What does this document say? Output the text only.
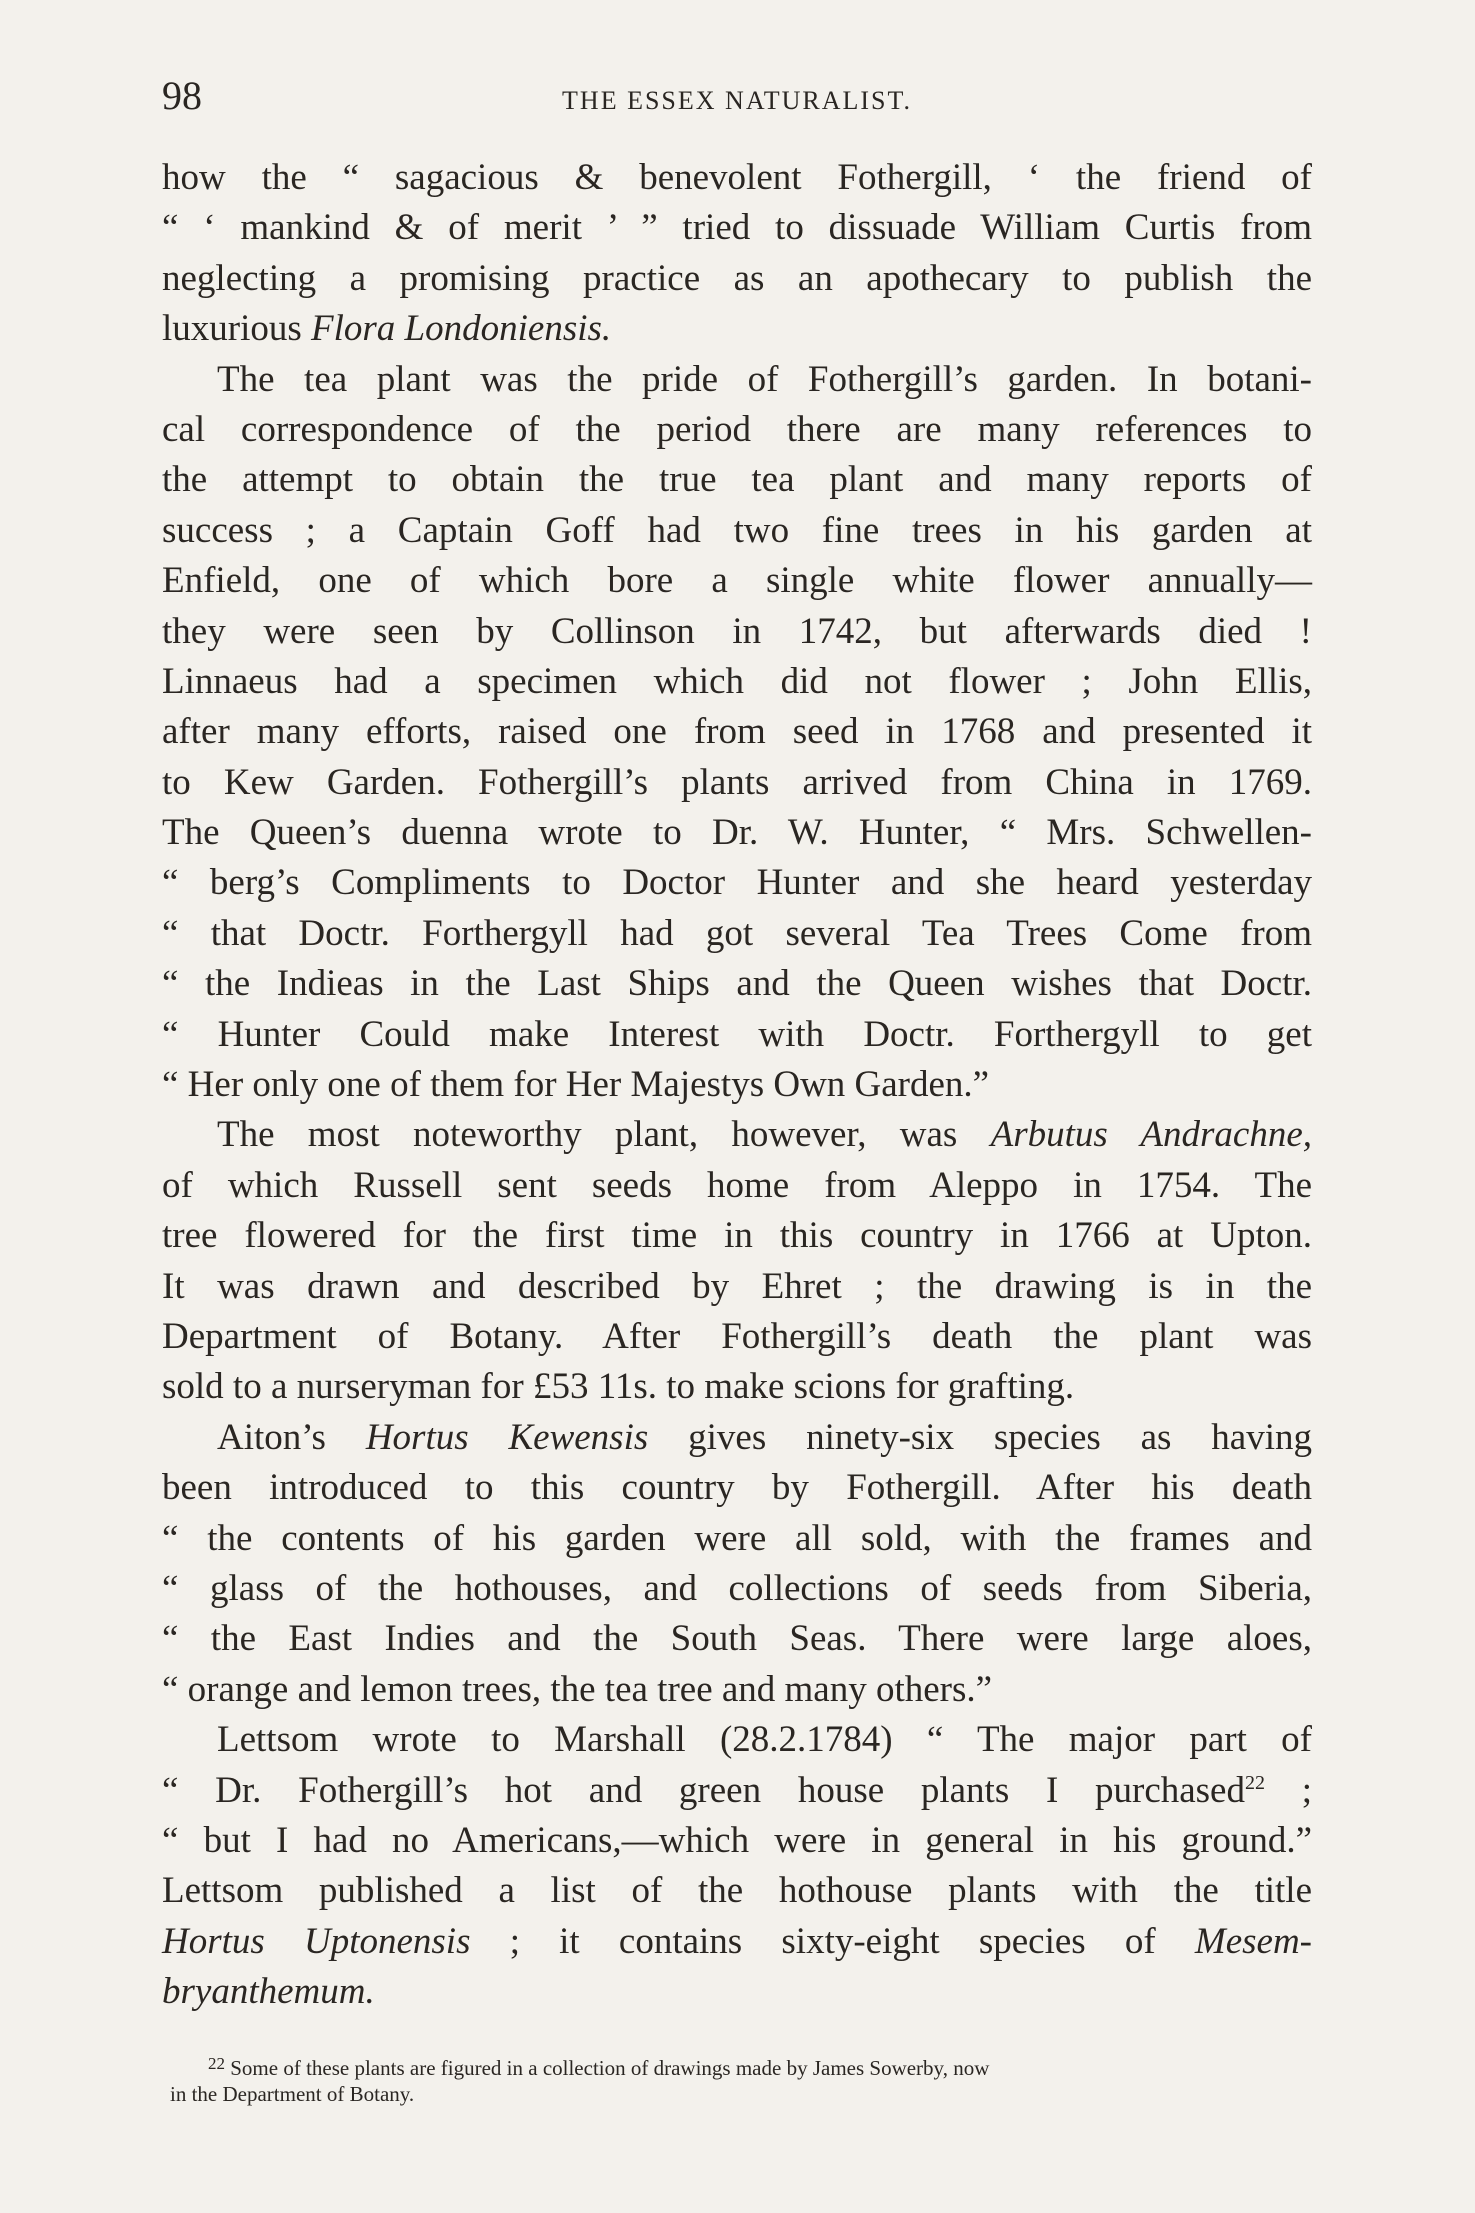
98	THE ESSEX NATURALIST.
how the “ sagacious & benevolent Fothergill, ‘ the friend of
“ ‘ mankind & of merit ’ ” tried to dissuade William Curtis from
neglecting a promising practice as an apothecary to publish the
luxurious Flora Londoniensis.
The tea plant was the pride of Fothergill’s garden. In botani-
cal correspondence of the period there are many references to
the attempt to obtain the true tea plant and many reports of
success ; a Captain Goff had two fine trees in his garden at
Enfield, one of which bore a single white flower annually—
they were seen by Collinson in 1742, but afterwards died !
Linnaeus had a specimen which did not flower ; John Ellis,
after many efforts, raised one from seed in 1768 and presented it
to Kew Garden. Fothergill’s plants arrived from China in 1769.
The Queen’s duenna wrote to Dr. W. Hunter, “ Mrs. Schwellen-
“ berg’s Compliments to Doctor Hunter and she heard yesterday
“ that Doctr. Forthergyll had got several Tea Trees Come from
“ the Indieas in the Last Ships and the Queen wishes that Doctr.
“ Hunter Could make Interest with Doctr. Forthergyll to get
“ Her only one of them for Her Majestys Own Garden.”
The most noteworthy plant, however, was Arbutus Andrachne,
of which Russell sent seeds home from Aleppo in 1754. The
tree flowered for the first time in this country in 1766 at Upton.
It was drawn and described by Ehret ; the drawing is in the
Department of Botany. After Fothergill’s death the plant was
sold to a nurseryman for £53 11s. to make scions for grafting.
Aiton’s Hortus Kewensis gives ninety-six species as having
been introduced to this country by Fothergill. After his death
“ the contents of his garden were all sold, with the frames and
“ glass of the hothouses, and collections of seeds from Siberia,
“ the East Indies and the South Seas. There were large aloes,
“ orange and lemon trees, the tea tree and many others.”
Lettsom wrote to Marshall (28.2.1784) “ The major part of
“ Dr. Fothergill’s hot and green house plants I purchased$^{22}$ ;
“ but I had no Americans,—which were in general in his ground.”
Lettsom published a list of the hothouse plants with the title
Hortus Uptonensis ; it contains sixty-eight species of Mesem-
bryanthemum.
$^{22}$ Some of these plants are figured in a collection of drawings made by James Sowerby, now
in the Department of Botany.
